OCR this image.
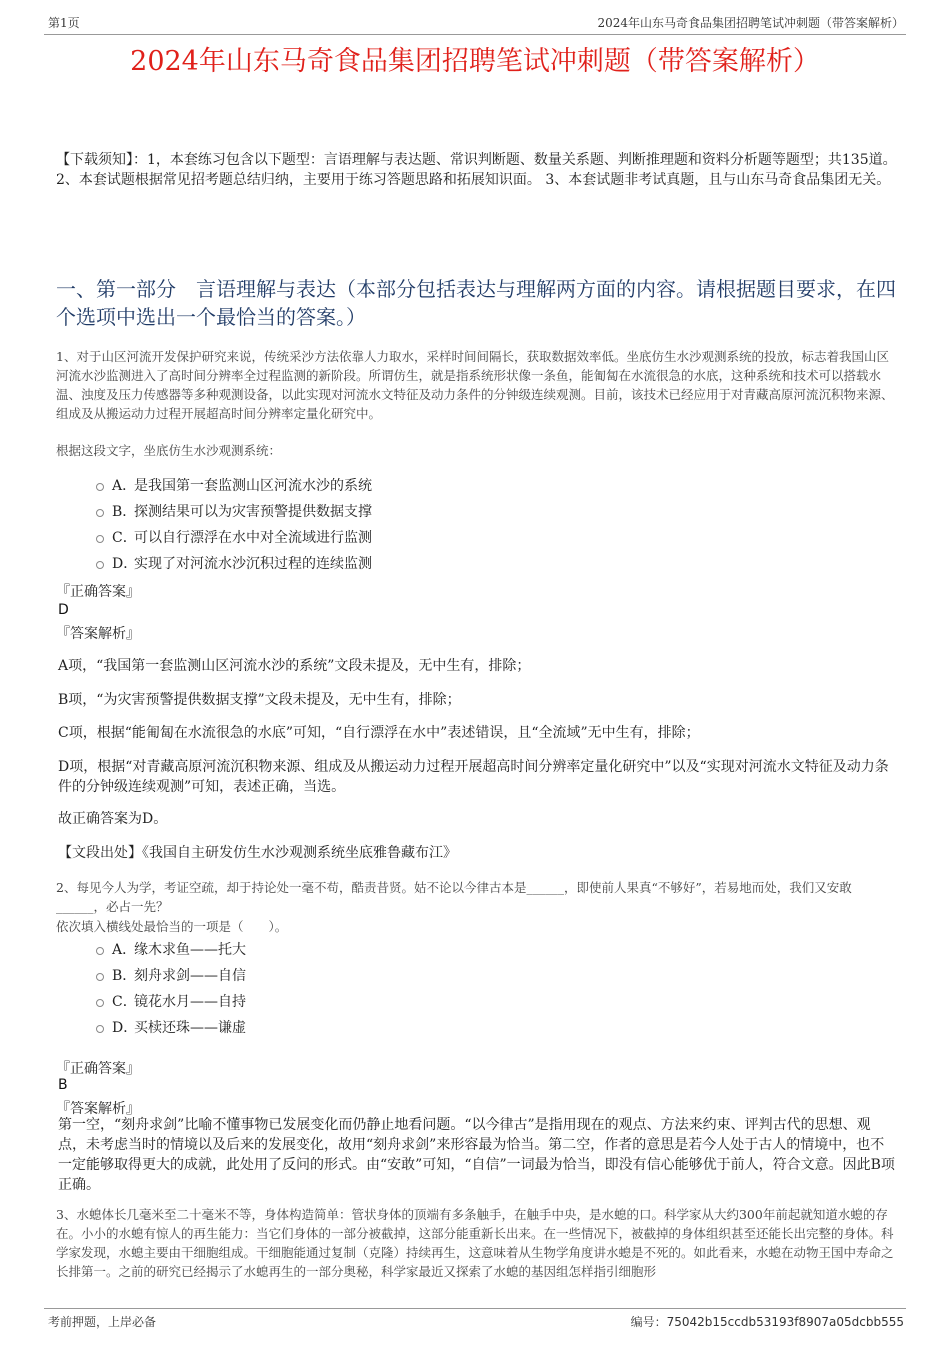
第1页	2024年山东马奇食品集团招聘笔试冲刺题（带答案解析）
2024年山东马奇食品集团招聘笔试冲刺题（带答案解析）
【下载须知】：1，本套练习包含以下题型：言语理解与表达题、常识判断题、数量关系题、判断推理题和资料分析题等题型；共135道。 2、本套试题根据常见招考题总结归纳，主要用于练习答题思路和拓展知识面。 3、本套试题非考试真题，且与山东马奇食品集团无关。
一、第一部分　言语理解与表达（本部分包括表达与理解两方面的内容。请根据题目要求，在四个选项中选出一个最恰当的答案。）
1、对于山区河流开发保护研究来说，传统采沙方法依靠人力取水，采样时间间隔长，获取数据效率低。坐底仿生水沙观测系统的投放，标志着我国山区河流水沙监测进入了高时间分辨率全过程监测的新阶段。所谓仿生，就是指系统形状像一条鱼，能匍匐在水流很急的水底，这种系统和技术可以搭载水温、浊度及压力传感器等多种观测设备，以此实现对河流水文特征及动力条件的分钟级连续观测。目前，该技术已经应用于对青藏高原河流沉积物来源、组成及从搬运动力过程开展超高时间分辨率定量化研究中。
根据这段文字，坐底仿生水沙观测系统：
A．是我国第一套监测山区河流水沙的系统
B．探测结果可以为灾害预警提供数据支撑
C．可以自行漂浮在水中对全流域进行监测
D．实现了对河流水沙沉积过程的连续监测
『正确答案』
D
『答案解析』
A项，“我国第一套监测山区河流水沙的系统”文段未提及，无中生有，排除；
B项，“为灾害预警提供数据支撑”文段未提及，无中生有，排除；
C项，根据“能匍匐在水流很急的水底”可知，“自行漂浮在水中”表述错误，且“全流域”无中生有，排除；
D项，根据“对青藏高原河流沉积物来源、组成及从搬运动力过程开展超高时间分辨率定量化研究中”以及“实现对河流水文特征及动力条件的分钟级连续观测”可知，表述正确，当选。
故正确答案为D。
【文段出处】《我国自主研发仿生水沙观测系统坐底雅鲁藏布江》
2、每见今人为学，考证空疏，却于持论处一毫不苟，酷责昔贤。姑不论以今律古本是______，即使前人果真“不够好”，若易地而处，我们又安敢______，必占一先？
依次填入横线处最恰当的一项是（　　）。
A．缘木求鱼——托大
B．刻舟求剑——自信
C．镜花水月——自持
D．买椟还珠——谦虚
『正确答案』
B
『答案解析』
第一空，“刻舟求剑”比喻不懂事物已发展变化而仍静止地看问题。“以今律古”是指用现在的观点、方法来约束、评判古代的思想、观点，未考虑当时的情境以及后来的发展变化，故用“刻舟求剑”来形容最为恰当。第二空，作者的意思是若今人处于古人的情境中，也不一定能够取得更大的成就，此处用了反问的形式。由“安敢”可知，“自信”一词最为恰当，即没有信心能够优于前人，符合文意。因此B项正确。
3、水螅体长几毫米至二十毫米不等，身体构造简单：管状身体的顶端有多条触手，在触手中央，是水螅的口。科学家从大约300年前起就知道水螅的存在。小小的水螅有惊人的再生能力：当它们身体的一部分被截掉，这部分能重新长出来。在一些情况下，被截掉的身体组织甚至还能长出完整的身体。科学家发现，水螅主要由干细胞组成。干细胞能通过复制（克隆）持续再生，这意味着从生物学角度讲水螅是不死的。如此看来，水螅在动物王国中寿命之长排第一。之前的研究已经揭示了水螅再生的一部分奥秘，科学家最近又探索了水螅的基因组怎样指引细胞形
考前押题，上岸必备	编号：75042b15ccdb53193f8907a05dcbb555
